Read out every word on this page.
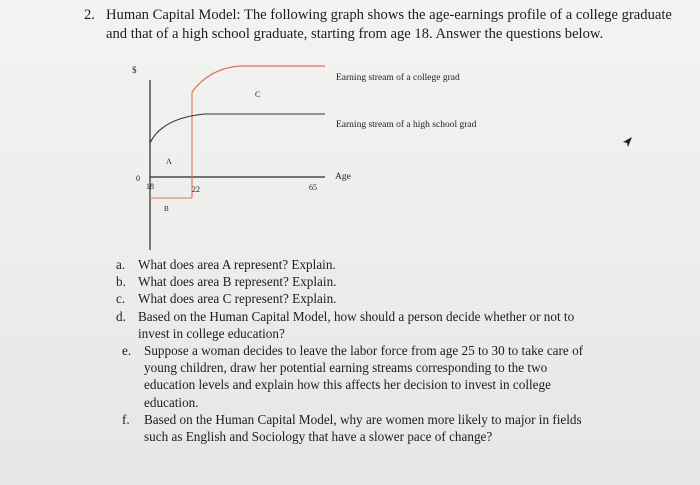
2. Human Capital Model: The following graph shows the age-earnings profile of a college graduate and that of a high school graduate, starting from age 18. Answer the questions below.
$
0
18	22	65
A
B
C
Age
Earning stream of a college grad
Earning stream of a high school grad

a. What does area A represent? Explain.

b. What does area B represent? Explain.

c. What does area C represent? Explain.

d. Based on the Human Capital Model, how should a person decide whether or not to invest in college education?

e. Suppose a woman decides to leave the labor force from age 25 to 30 to take care of young children, draw her potential earning streams corresponding to the two education levels and explain how this affects her decision to invest in college education.

f. Based on the Human Capital Model, why are women more likely to major in fields such as English and Sociology that have a slower pace of change?
